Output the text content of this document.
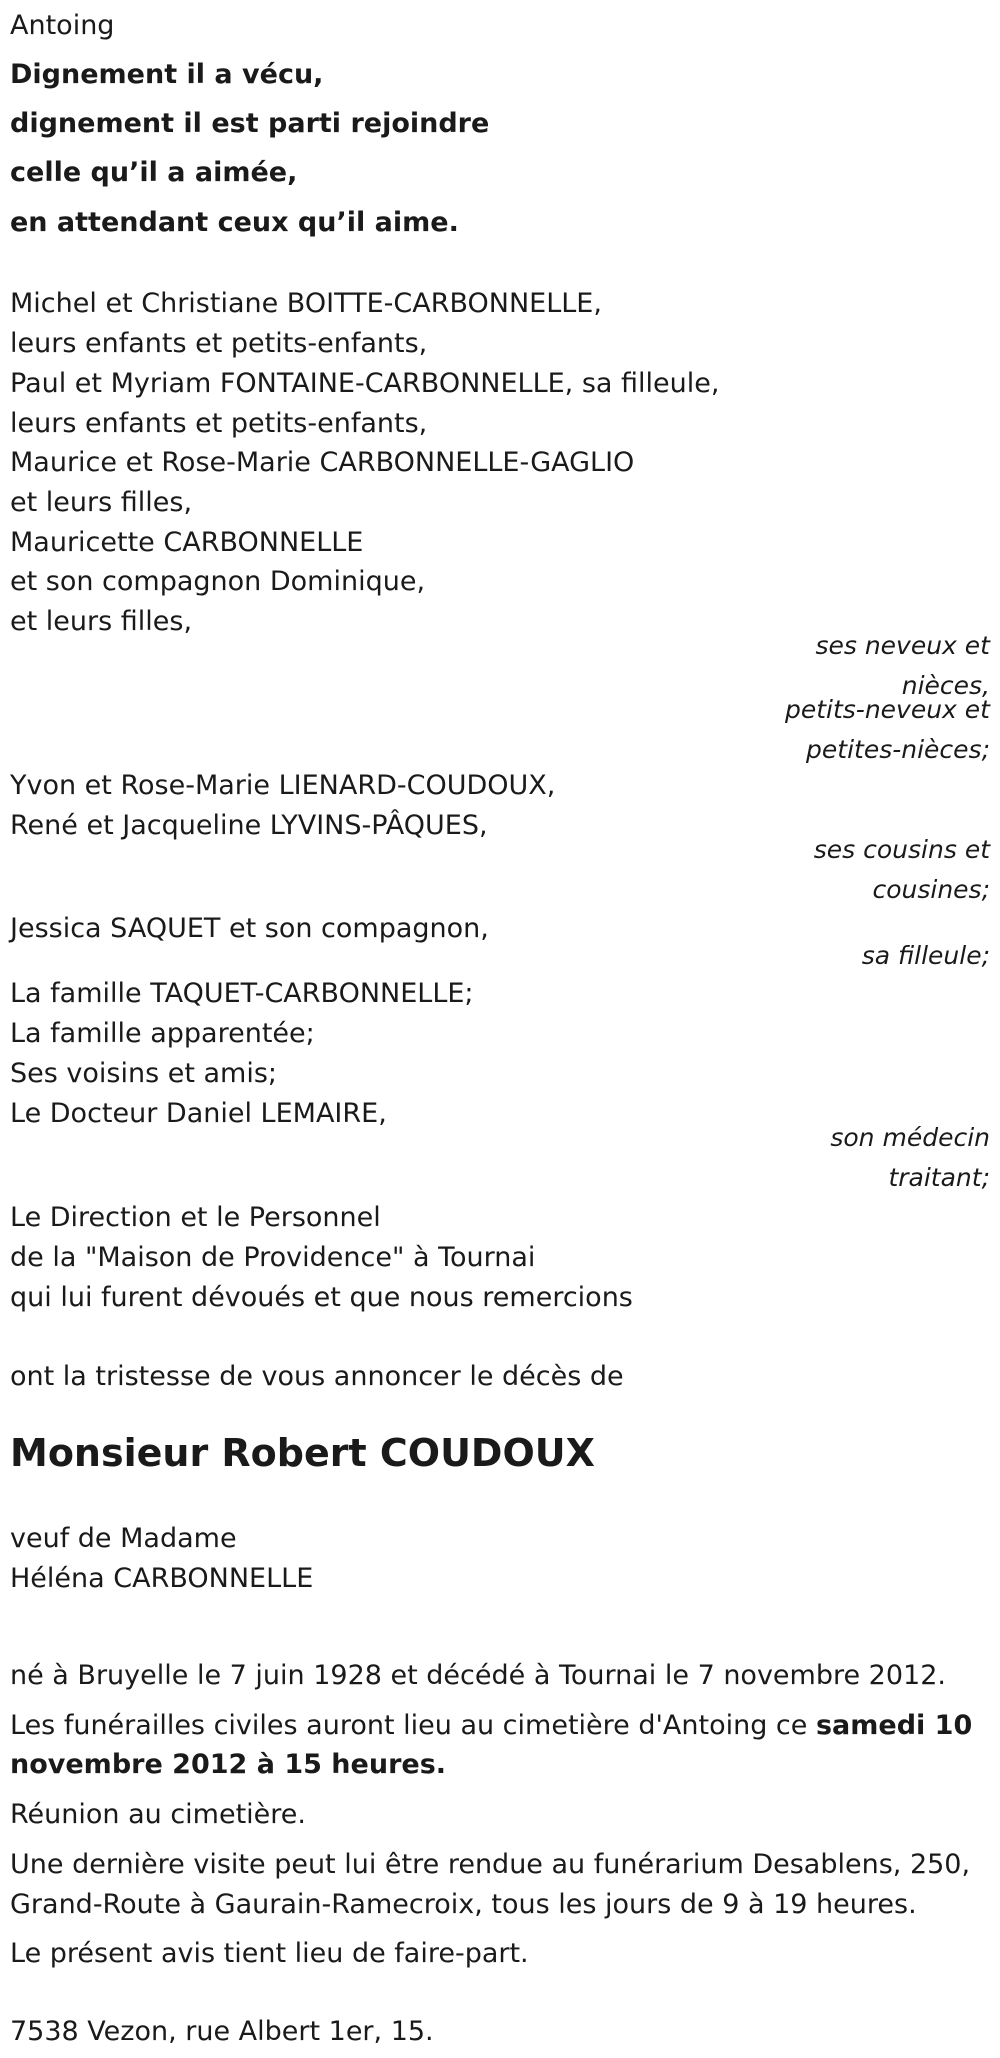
Antoing

Dignement il a vécu,

dignement il est parti rejoindre

celle qu’il a aimée,

en attendant ceux qu’il aime.

Michel et Christiane BOITTE-CARBONNELLE,

leurs enfants et petits-enfants,

Paul et Myriam FONTAINE-CARBONNELLE, sa filleule,

leurs enfants et petits-enfants,

Maurice et Rose-Marie CARBONNELLE-GAGLIO

et leurs filles,

Mauricette CARBONNELLE

et son compagnon Dominique,

et leurs filles,

ses neveux et nièces,

petits-neveux et petites-nièces;

Yvon et Rose-Marie LIENARD-COUDOUX,

René et Jacqueline LYVINS-PÂQUES,

ses cousins et cousines;

Jessica SAQUET et son compagnon,

sa filleule;

La famille TAQUET-CARBONNELLE;

La famille apparentée;

Ses voisins et amis;

Le Docteur Daniel LEMAIRE,

son médecin traitant;

Le Direction et le Personnel

de la "Maison de Providence" à Tournai

qui lui furent dévoués et que nous remercions

ont la tristesse de vous annoncer le décès de

Monsieur Robert COUDOUX

veuf de Madame

Héléna CARBONNELLE

né à Bruyelle le 7 juin 1928 et décédé à Tournai le 7 novembre 2012.

Les funérailles civiles auront lieu au cimetière d'Antoing ce samedi 10

novembre 2012 à 15 heures.

Réunion au cimetière.

Une dernière visite peut lui être rendue au funérarium Desablens, 250,

Grand-Route à Gaurain-Ramecroix, tous les jours de 9 à 19 heures.

Le présent avis tient lieu de faire-part.

7538 Vezon, rue Albert 1er, 15.
